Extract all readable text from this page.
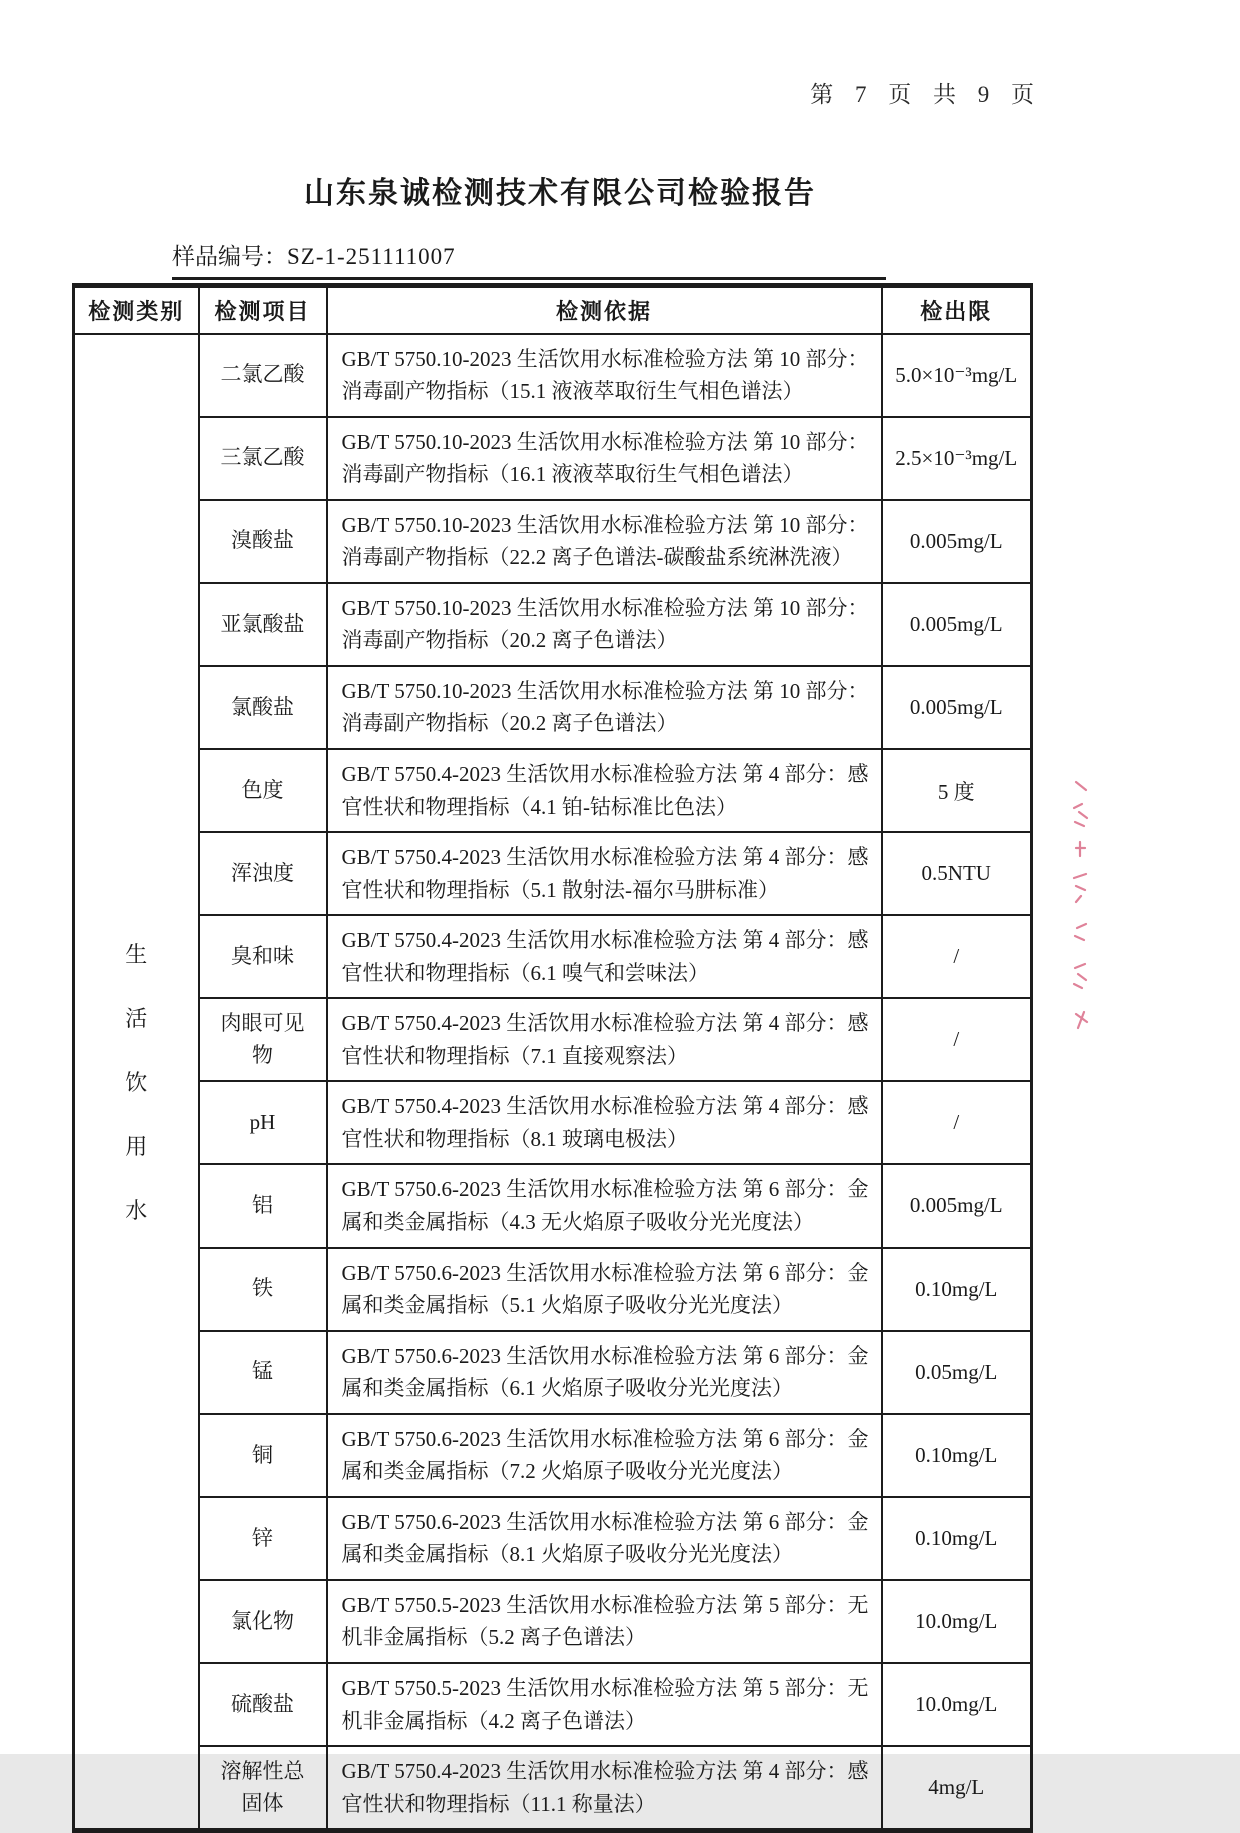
第 7 页 共 9 页
山东泉诚检测技术有限公司检验报告
样品编号：SZ-1-251111007
检测类别	检测项目	检测依据	检出限

生
活
饮
用
水	二氯乙酸	GB/T 5750.10-2023 生活饮用水标准检验方法 第 10 部分：消毒副产物指标（15.1 液液萃取衍生气相色谱法）	5.0×10⁻³mg/L
	三氯乙酸	GB/T 5750.10-2023 生活饮用水标准检验方法 第 10 部分：消毒副产物指标（16.1 液液萃取衍生气相色谱法）	2.5×10⁻³mg/L
	溴酸盐	GB/T 5750.10-2023 生活饮用水标准检验方法 第 10 部分：消毒副产物指标（22.2 离子色谱法-碳酸盐系统淋洗液）	0.005mg/L
	亚氯酸盐	GB/T 5750.10-2023 生活饮用水标准检验方法 第 10 部分：消毒副产物指标（20.2 离子色谱法）	0.005mg/L
	氯酸盐	GB/T 5750.10-2023 生活饮用水标准检验方法 第 10 部分：消毒副产物指标（20.2 离子色谱法）	0.005mg/L
	色度	GB/T 5750.4-2023 生活饮用水标准检验方法 第 4 部分：感官性状和物理指标（4.1 铂-钴标准比色法）	5 度
	浑浊度	GB/T 5750.4-2023 生活饮用水标准检验方法 第 4 部分：感官性状和物理指标（5.1 散射法-福尔马肼标准）	0.5NTU
	臭和味	GB/T 5750.4-2023 生活饮用水标准检验方法 第 4 部分：感官性状和物理指标（6.1 嗅气和尝味法）	/
	肉眼可见物	GB/T 5750.4-2023 生活饮用水标准检验方法 第 4 部分：感官性状和物理指标（7.1 直接观察法）	/
	pH	GB/T 5750.4-2023 生活饮用水标准检验方法 第 4 部分：感官性状和物理指标（8.1 玻璃电极法）	/
	铝	GB/T 5750.6-2023 生活饮用水标准检验方法 第 6 部分：金属和类金属指标（4.3 无火焰原子吸收分光光度法）	0.005mg/L
	铁	GB/T 5750.6-2023 生活饮用水标准检验方法 第 6 部分：金属和类金属指标（5.1 火焰原子吸收分光光度法）	0.10mg/L
	锰	GB/T 5750.6-2023 生活饮用水标准检验方法 第 6 部分：金属和类金属指标（6.1 火焰原子吸收分光光度法）	0.05mg/L
	铜	GB/T 5750.6-2023 生活饮用水标准检验方法 第 6 部分：金属和类金属指标（7.2 火焰原子吸收分光光度法）	0.10mg/L
	锌	GB/T 5750.6-2023 生活饮用水标准检验方法 第 6 部分：金属和类金属指标（8.1 火焰原子吸收分光光度法）	0.10mg/L
	氯化物	GB/T 5750.5-2023 生活饮用水标准检验方法 第 5 部分：无机非金属指标（5.2 离子色谱法）	10.0mg/L
	硫酸盐	GB/T 5750.5-2023 生活饮用水标准检验方法 第 5 部分：无机非金属指标（4.2 离子色谱法）	10.0mg/L
	溶解性总固体	GB/T 5750.4-2023 生活饮用水标准检验方法 第 4 部分：感官性状和物理指标（11.1 称量法）	4mg/L
